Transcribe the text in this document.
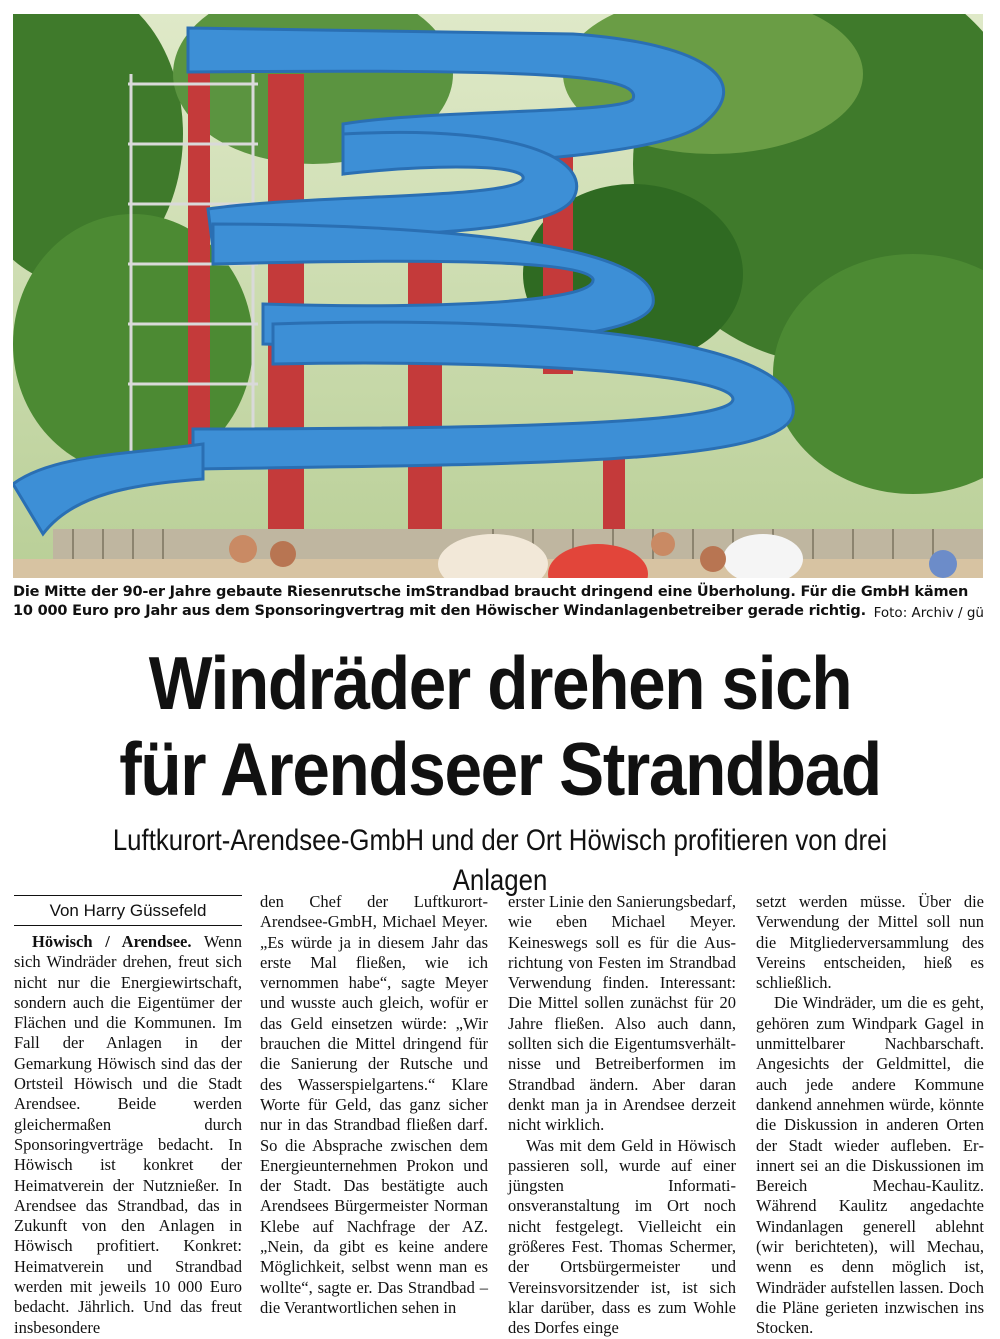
Die Mitte der 90-er Jahre gebaute Riesenrutsche imStrandbad braucht dringend eine Überholung. Für die GmbH kämen 10 000 Euro pro Jahr aus dem Sponsoringvertrag mit den Höwischer Windanlagenbetreiber gerade richtig. Foto: Archiv / gü
Windräder drehen sich
für Arendseer Strandbad
Luftkurort-Arendsee-GmbH und der Ort Höwisch profitieren von drei Anlagen
Von Harry Güssefeld

Höwisch / Arendsee. Wenn sich Windräder drehen, freut sich nicht nur die Energiewirtschaft, sondern auch die Eigentümer der Flächen und die Kommunen. Im Fall der Anlagen in der Gemarkung Höwisch sind das der Ortsteil Höwisch und die Stadt Arendsee. Beide werden gleichermaßen durch Sponsoringverträge bedacht. In Höwisch ist konkret der Heimatverein der Nutznießer. In Arendsee das Strandbad, das in Zukunft von den Anlagen in Höwisch profitiert. Konkret: Heimatverein und Strandbad werden mit jeweils 10 000 Euro bedacht. Jährlich. Und das freut insbesondere

den Chef der Luftkurort-Arendsee-GmbH, Michael Meyer. „Es würde ja in diesem Jahr das erste Mal fließen, wie ich vernommen habe“, sagte Meyer und wusste auch gleich, wofür er das Geld einsetzen würde: „Wir brauchen die Mittel dringend für die Sanierung der Rutsche und des Wasserspielgartens.“ Klare Worte für Geld, das ganz sicher nur in das Strandbad fließen darf. So die Absprache zwischen dem Energieunternehmen Prokon und der Stadt. Das bestätigte auch Arendsees Bürgermeister Norman Klebe auf Nachfrage der AZ. „Nein, da gibt es keine andere Möglichkeit, selbst wenn man es wollte“, sagte er. Das Strandbad – die Verantwortlichen sehen in

erster Linie den Sanierungsbedarf, wie eben Michael Meyer. Keineswegs soll es für die Ausrichtung von Festen im Strandbad Verwendung finden. Interessant: Die Mittel sollen zunächst für 20 Jahre fließen. Also auch dann, sollten sich die Eigentumsverhältnisse und Betreiberformen im Strandbad ändern. Aber daran denkt man ja in Arendsee derzeit nicht wirklich.

Was mit dem Geld in Höwisch passieren soll, wurde auf einer jüngsten Informationsveranstaltung im Ort noch nicht festgelegt. Vielleicht ein größeres Fest. Thomas Schermer, der Ortsbürgermeister und Vereinsvorsitzender ist, ist sich klar darüber, dass es zum Wohle des Dorfes einge

setzt werden müsse. Über die Verwendung der Mittel soll nun die Mitgliederversammlung des Vereins entscheiden, hieß es schließlich.

Die Windräder, um die es geht, gehören zum Windpark Gagel in unmittelbarer Nachbarschaft. Angesichts der Geldmittel, die auch jede andere Kommune dankend annehmen würde, könnte die Diskussion in anderen Orten der Stadt wieder aufleben. Erinnert sei an die Diskussionen im Bereich Mechau-Kaulitz. Während Kaulitz angedachte Windanlagen generell ablehnt (wir berichteten), will Mechau, wenn es denn möglich ist, Windräder aufstellen lassen. Doch die Pläne gerieten inzwischen ins Stocken.
